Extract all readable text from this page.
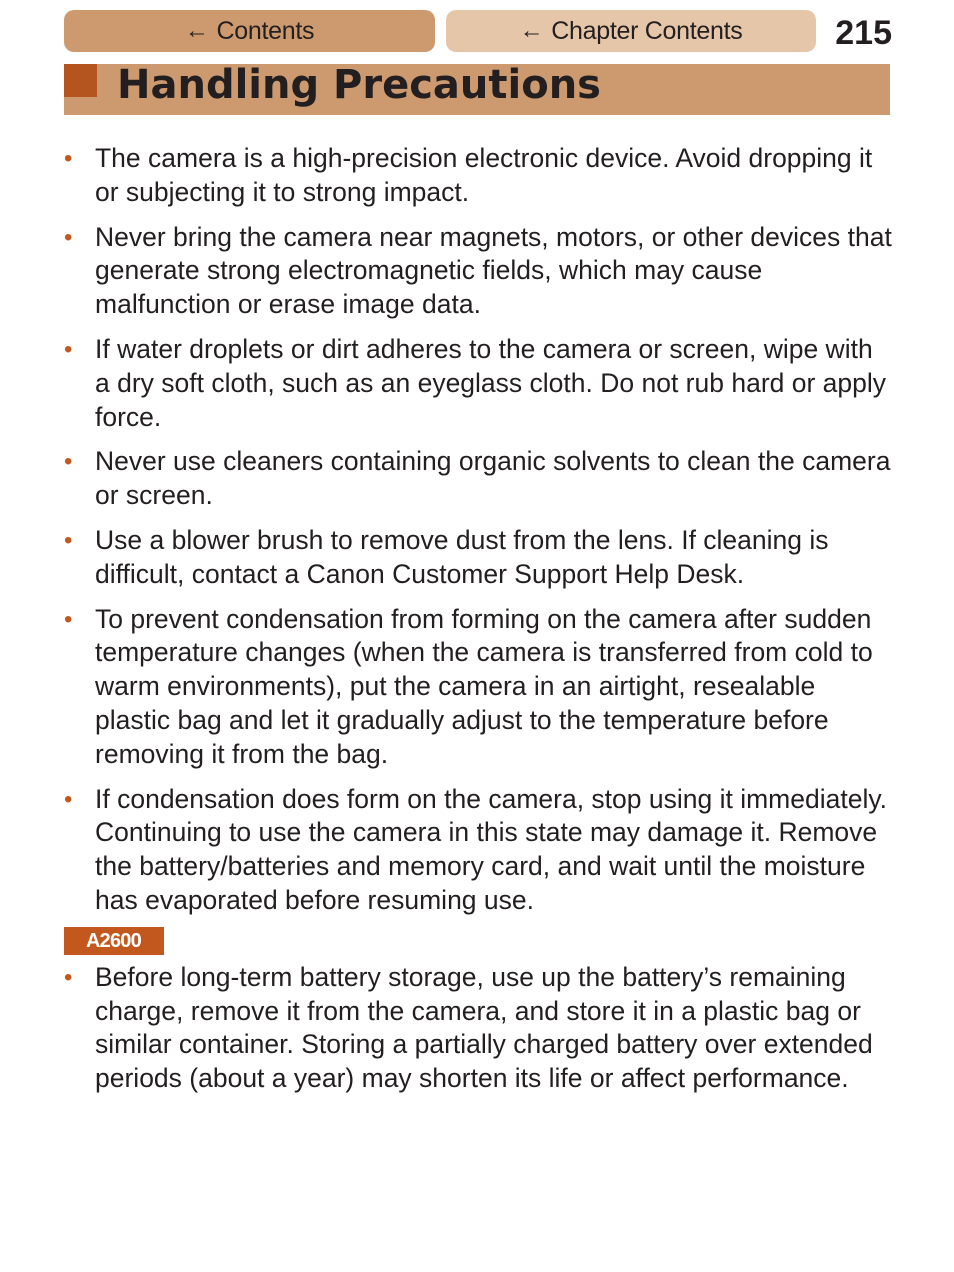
← Contents	← Chapter Contents	215
Handling Precautions
• The camera is a high-precision electronic device. Avoid dropping it or subjecting it to strong impact.
• Never bring the camera near magnets, motors, or other devices that generate strong electromagnetic fields, which may cause malfunction or erase image data.
• If water droplets or dirt adheres to the camera or screen, wipe with a dry soft cloth, such as an eyeglass cloth. Do not rub hard or apply force.
• Never use cleaners containing organic solvents to clean the camera or screen.
• Use a blower brush to remove dust from the lens. If cleaning is difficult, contact a Canon Customer Support Help Desk.
• To prevent condensation from forming on the camera after sudden temperature changes (when the camera is transferred from cold to warm environments), put the camera in an airtight, resealable plastic bag and let it gradually adjust to the temperature before removing it from the bag.
• If condensation does form on the camera, stop using it immediately. Continuing to use the camera in this state may damage it. Remove the battery/batteries and memory card, and wait until the moisture has evaporated before resuming use.
A2600
• Before long-term battery storage, use up the battery’s remaining charge, remove it from the camera, and store it in a plastic bag or similar container. Storing a partially charged battery over extended periods (about a year) may shorten its life or affect performance.
